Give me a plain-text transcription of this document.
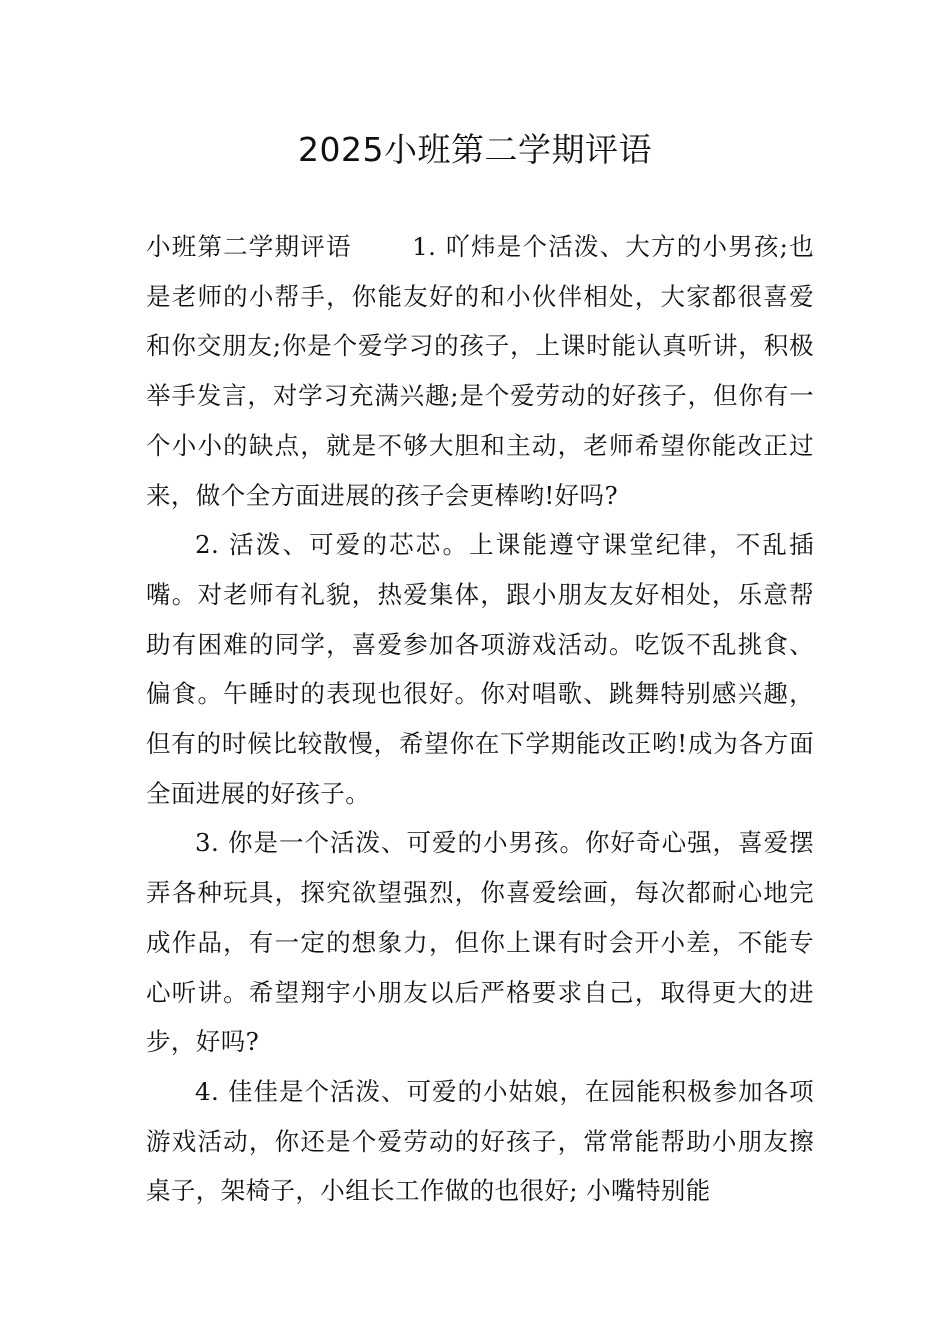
2025小班第二学期评语

小班第二学期评语　　 1. 吖炜是个活泼、大方的小男孩;也是老师的小帮手，你能友好的和小伙伴相处，大家都很喜爱和你交朋友;你是个爱学习的孩子，上课时能认真听讲，积极举手发言，对学习充满兴趣;是个爱劳动的好孩子，但你有一个小小的缺点，就是不够大胆和主动，老师希望你能改正过来，做个全方面进展的孩子会更棒哟!好吗?

2. 活泼、可爱的芯芯。上课能遵守课堂纪律，不乱插嘴。对老师有礼貌，热爱集体，跟小朋友友好相处，乐意帮助有困难的同学，喜爱参加各项游戏活动。吃饭不乱挑食、偏食。午睡时的表现也很好。你对唱歌、跳舞特别感兴趣，但有的时候比较散慢，希望你在下学期能改正哟!成为各方面全面进展的好孩子。

3. 你是一个活泼、可爱的小男孩。你好奇心强，喜爱摆弄各种玩具，探究欲望强烈，你喜爱绘画，每次都耐心地完成作品，有一定的想象力，但你上课有时会开小差，不能专心听讲。希望翔宇小朋友以后严格要求自己，取得更大的进步，好吗?

4. 佳佳是个活泼、可爱的小姑娘，在园能积极参加各项游戏活动，你还是个爱劳动的好孩子，常常能帮助小朋友擦桌子，架椅子，小组长工作做的也很好; 小嘴特别能
